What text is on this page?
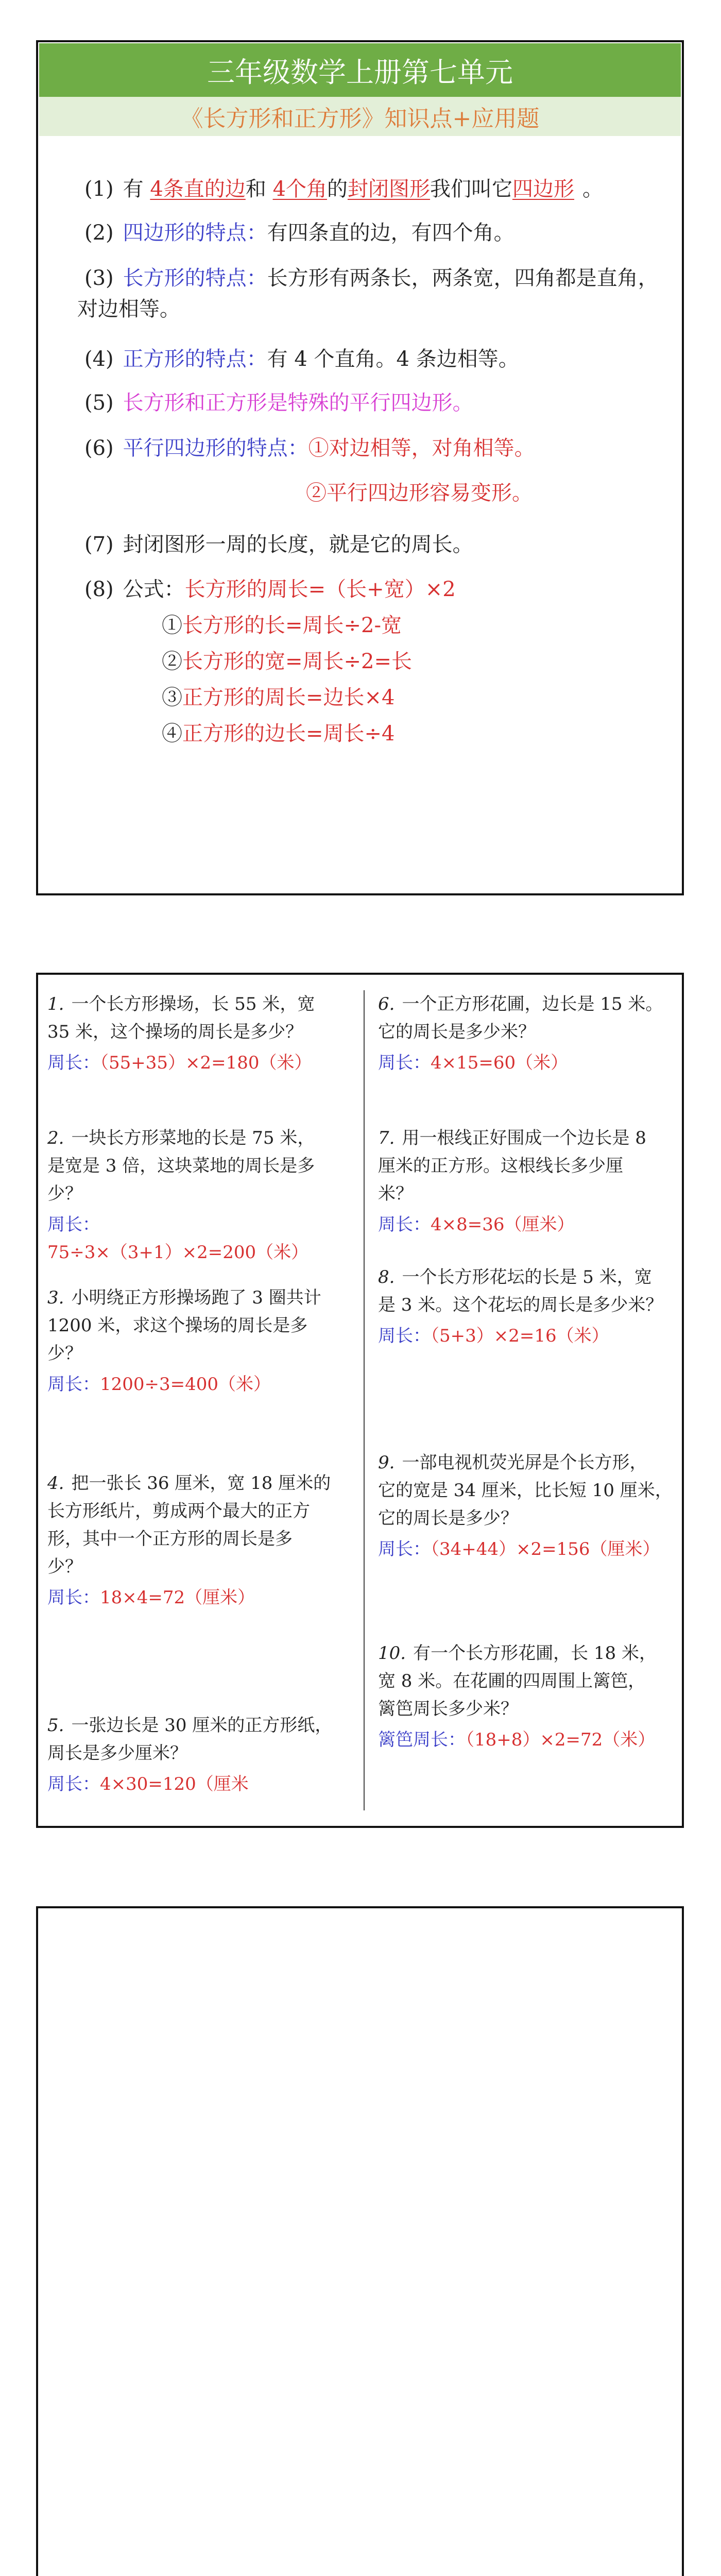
三年级数学上册第七单元
《长方形和正方形》知识点+应用题
(1) 有 4条直的边和 4个角的封闭图形我们叫它四边形 。
(2) 四边形的特点：有四条直的边，有四个角。
(3) 长方形的特点：长方形有两条长，两条宽，四角都是直角，
对边相等。
(4) 正方形的特点：有 4 个直角。4 条边相等。
(5) 长方形和正方形是特殊的平行四边形。
(6) 平行四边形的特点：①对边相等，对角相等。
②平行四边形容易变形。
(7) 封闭图形一周的长度，就是它的周长。
(8) 公式：长方形的周长=（长+宽）×2
①长方形的长=周长÷2-宽
②长方形的宽=周长÷2=长
③正方形的周长=边长×4
④正方形的边长=周长÷4
1. 一个长方形操场，长 55 米，宽
35 米，这个操场的周长是多少？
周长：（55+35）×2=180（米）
2. 一块长方形菜地的长是 75 米，
是宽是 3 倍，这块菜地的周长是多
少？
周长：75÷3×（3+1）×2=200（米）
3. 小明绕正方形操场跑了 3 圈共计
1200 米，求这个操场的周长是多
少？
周长：1200÷3=400（米）
4. 把一张长 36 厘米，宽 18 厘米的
长方形纸片，剪成两个最大的正方
形，其中一个正方形的周长是多
少？
周长：18×4=72（厘米）
5. 一张边长是 30 厘米的正方形纸，
周长是多少厘米？
周长：4×30=120（厘米
6. 一个正方形花圃，边长是 15 米。
它的周长是多少米？
周长：4×15=60（米）
7. 用一根线正好围成一个边长是 8
厘米的正方形。这根线长多少厘
米？
周长：4×8=36（厘米）
8. 一个长方形花坛的长是 5 米，宽
是 3 米。这个花坛的周长是多少米？
周长：（5+3）×2=16（米）
9. 一部电视机荧光屏是个长方形，
它的宽是 34 厘米，比长短 10 厘米，
它的周长是多少？
周长：（34+44）×2=156（厘米）
10. 有一个长方形花圃，长 18 米，
宽 8 米。在花圃的四周围上篱笆，
篱笆周长多少米？
篱笆周长：（18+8）×2=72（米）
